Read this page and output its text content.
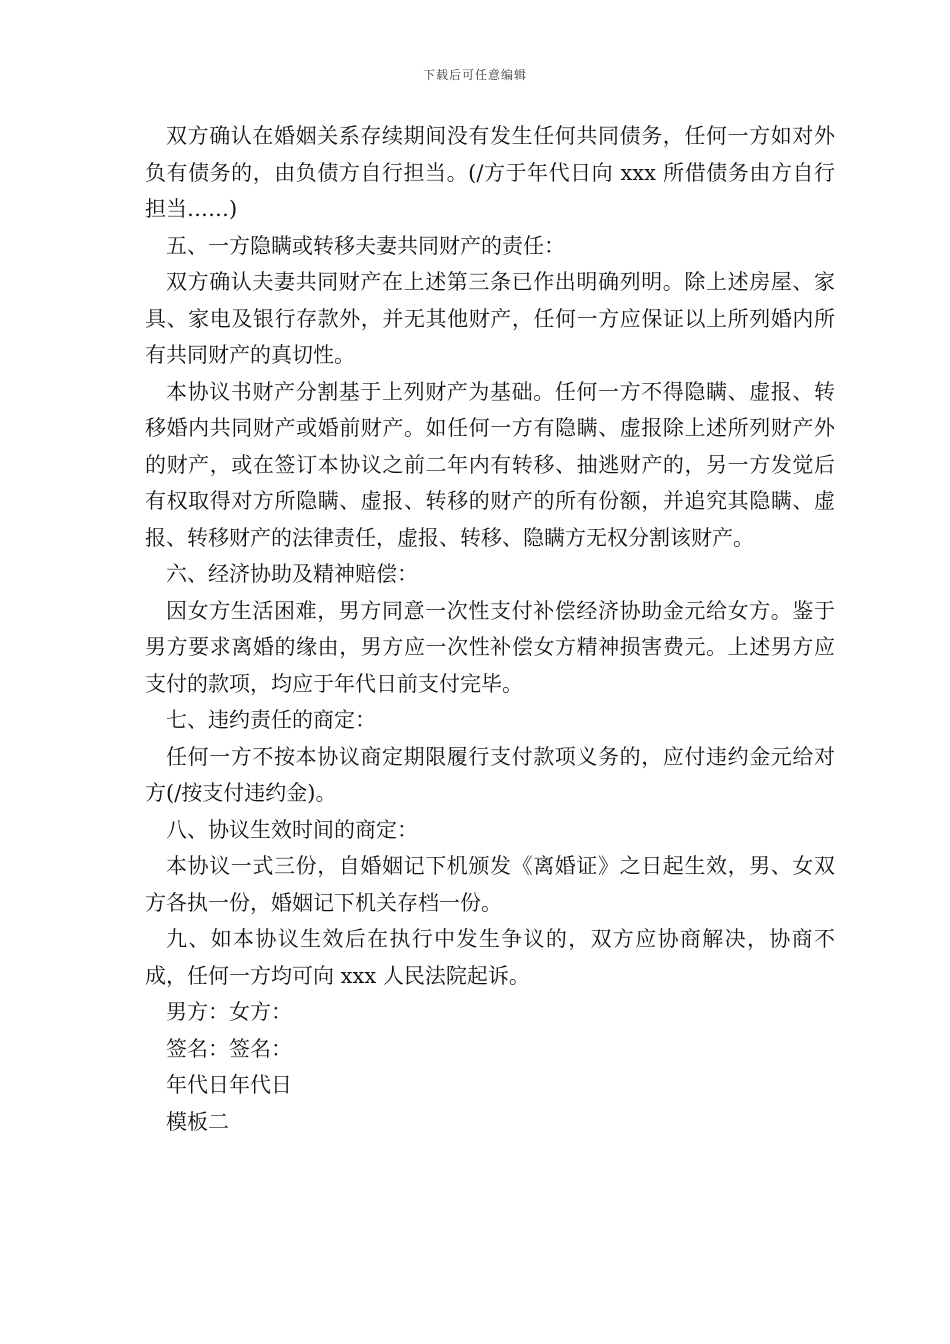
下载后可任意编辑

双方确认在婚姻关系存续期间没有发生任何共同债务，任何一方如对外负有债务的，由负债方自行担当。(/方于年代日向 xxx 所借债务由方自行担当……)

五、一方隐瞒或转移夫妻共同财产的责任：

双方确认夫妻共同财产在上述第三条已作出明确列明。除上述房屋、家具、家电及银行存款外，并无其他财产，任何一方应保证以上所列婚内所有共同财产的真切性。

本协议书财产分割基于上列财产为基础。任何一方不得隐瞒、虚报、转移婚内共同财产或婚前财产。如任何一方有隐瞒、虚报除上述所列财产外的财产，或在签订本协议之前二年内有转移、抽逃财产的，另一方发觉后有权取得对方所隐瞒、虚报、转移的财产的所有份额，并追究其隐瞒、虚报、转移财产的法律责任，虚报、转移、隐瞒方无权分割该财产。

六、经济协助及精神赔偿：

因女方生活困难，男方同意一次性支付补偿经济协助金元给女方。鉴于男方要求离婚的缘由，男方应一次性补偿女方精神损害费元。上述男方应支付的款项，均应于年代日前支付完毕。

七、违约责任的商定：

任何一方不按本协议商定期限履行支付款项义务的，应付违约金元给对方(/按支付违约金)。

八、协议生效时间的商定：

本协议一式三份，自婚姻记下机颁发《离婚证》之日起生效，男、女双方各执一份，婚姻记下机关存档一份。

九、如本协议生效后在执行中发生争议的，双方应协商解决，协商不成，任何一方均可向 xxx 人民法院起诉。

男方：女方：

签名：签名：

年代日年代日

模板二
